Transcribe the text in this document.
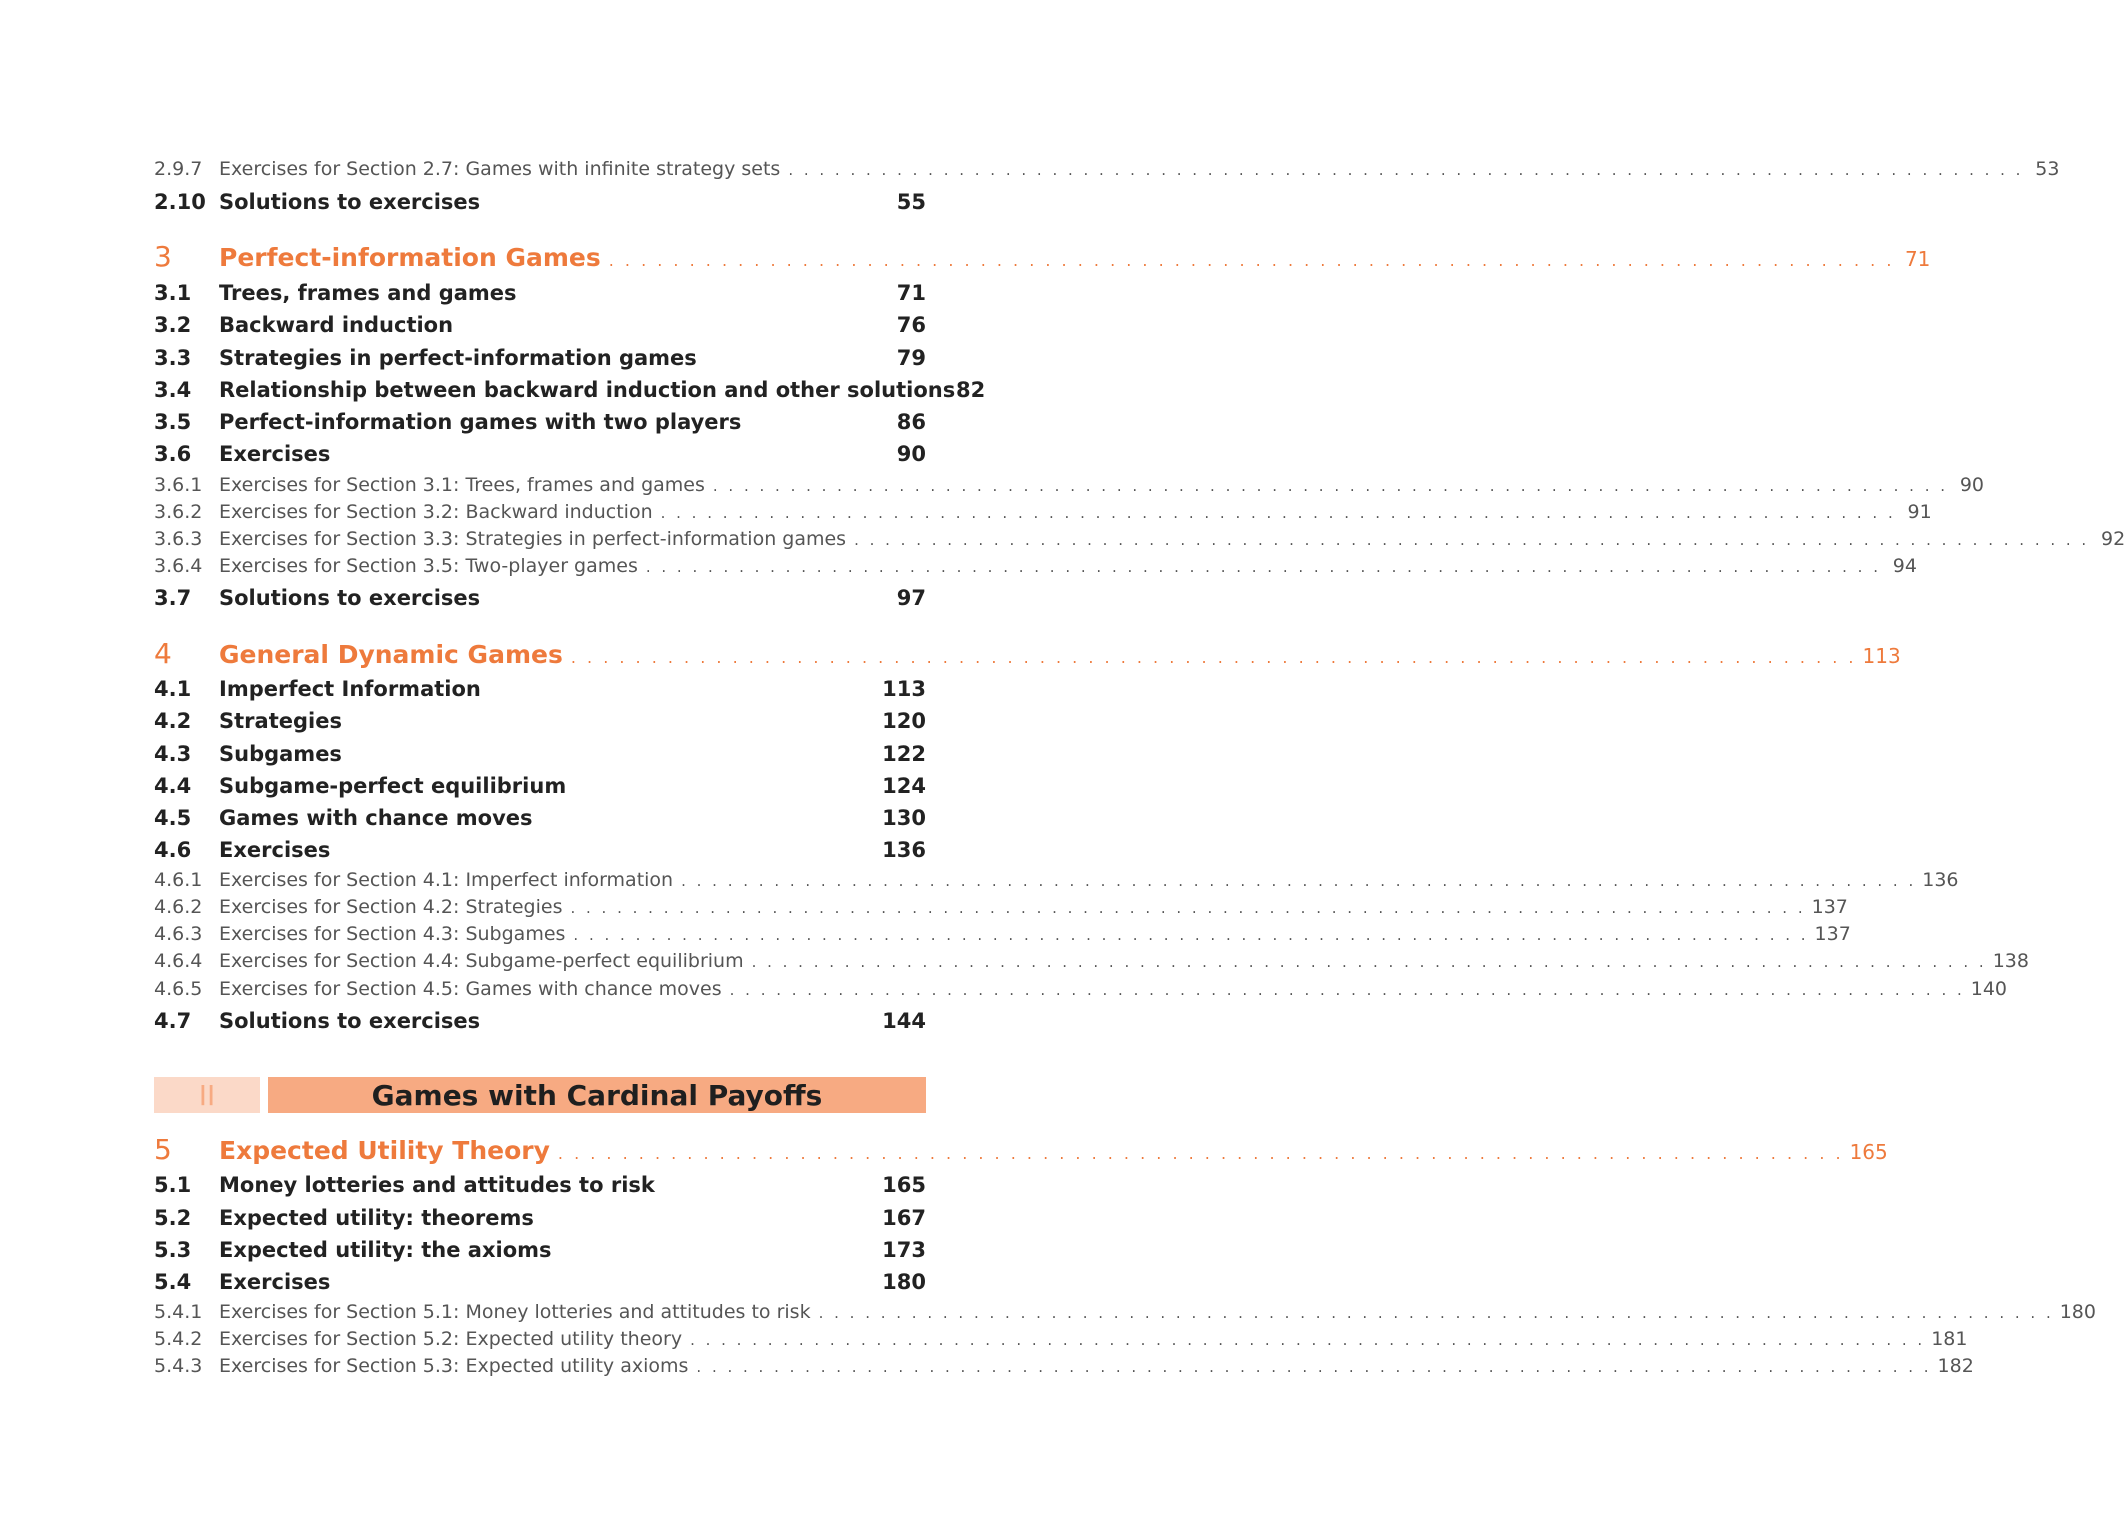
2.9.7 Exercises for Section 2.7: Games with infinite strategy sets . . . . . . . . . . . . . . . . . . . . . . . . . . . . . . . . . . . . . . . . . . . . . . . . . . . . . . . . . . . . . . . . . . . . . . . . . . . . . . . . 53
2.10 Solutions to exercises	55
3	Perfect-information Games . . . . . . . . . . . . . . . . . . . . . . . . . . . . . . . . . . . . . . . . . . . . . . . . . . . . . . . . . . . . . . . . . . . . . . . . . . . . . . . . 71
3.1	Trees, frames and games	71
3.2	Backward induction	76
3.3	Strategies in perfect-information games	79
3.4	Relationship between backward induction and other solutions 82
3.5	Perfect-information games with two players	86
3.6	Exercises	90
3.6.1 Exercises for Section 3.1: Trees, frames and games . . . . . . . . . . . . . . . . . . . . . . . . . . . . . . . . . . . . . . . . . . . . . . . . . . . . . . . . . . . . . . . . . . . . . . . . . . . . . . . . 90
3.6.2 Exercises for Section 3.2: Backward induction . . . . . . . . . . . . . . . . . . . . . . . . . . . . . . . . . . . . . . . . . . . . . . . . . . . . . . . . . . . . . . . . . . . . . . . . . . . . . . . . 91
3.6.3 Exercises for Section 3.3: Strategies in perfect-information games . . . . . . . . . . . . . . . . . . . . . . . . . . . . . . . . . . . . . . . . . . . . . . . . . . . . . . . . . . . . . . . . . . . . . . . . . . . . . . . . 92
3.6.4 Exercises for Section 3.5: Two-player games . . . . . . . . . . . . . . . . . . . . . . . . . . . . . . . . . . . . . . . . . . . . . . . . . . . . . . . . . . . . . . . . . . . . . . . . . . . . . . . . 94
3.7	Solutions to exercises	97
4	General Dynamic Games . . . . . . . . . . . . . . . . . . . . . . . . . . . . . . . . . . . . . . . . . . . . . . . . . . . . . . . . . . . . . . . . . . . . . . . . . . . . . . . . 113
4.1	Imperfect Information	113
4.2	Strategies	120
4.3	Subgames	122
4.4	Subgame-perfect equilibrium	124
4.5	Games with chance moves	130
4.6	Exercises	136
4.6.1 Exercises for Section 4.1: Imperfect information . . . . . . . . . . . . . . . . . . . . . . . . . . . . . . . . . . . . . . . . . . . . . . . . . . . . . . . . . . . . . . . . . . . . . . . . . . . . . . . . 136
4.6.2 Exercises for Section 4.2: Strategies . . . . . . . . . . . . . . . . . . . . . . . . . . . . . . . . . . . . . . . . . . . . . . . . . . . . . . . . . . . . . . . . . . . . . . . . . . . . . . . . 137
4.6.3 Exercises for Section 4.3: Subgames . . . . . . . . . . . . . . . . . . . . . . . . . . . . . . . . . . . . . . . . . . . . . . . . . . . . . . . . . . . . . . . . . . . . . . . . . . . . . . . . 137
4.6.4 Exercises for Section 4.4: Subgame-perfect equilibrium . . . . . . . . . . . . . . . . . . . . . . . . . . . . . . . . . . . . . . . . . . . . . . . . . . . . . . . . . . . . . . . . . . . . . . . . . . . . . . . . 138
4.6.5 Exercises for Section 4.5: Games with chance moves . . . . . . . . . . . . . . . . . . . . . . . . . . . . . . . . . . . . . . . . . . . . . . . . . . . . . . . . . . . . . . . . . . . . . . . . . . . . . . . . 140
4.7	Solutions to exercises	144
II	Games with Cardinal Payoffs
5	Expected Utility Theory . . . . . . . . . . . . . . . . . . . . . . . . . . . . . . . . . . . . . . . . . . . . . . . . . . . . . . . . . . . . . . . . . . . . . . . . . . . . . . . . 165
5.1	Money lotteries and attitudes to risk	165
5.2	Expected utility: theorems	167
5.3	Expected utility: the axioms	173
5.4	Exercises	180
5.4.1 Exercises for Section 5.1: Money lotteries and attitudes to risk . . . . . . . . . . . . . . . . . . . . . . . . . . . . . . . . . . . . . . . . . . . . . . . . . . . . . . . . . . . . . . . . . . . . . . . . . . . . . . . . 180
5.4.2 Exercises for Section 5.2: Expected utility theory . . . . . . . . . . . . . . . . . . . . . . . . . . . . . . . . . . . . . . . . . . . . . . . . . . . . . . . . . . . . . . . . . . . . . . . . . . . . . . . . 181
5.4.3 Exercises for Section 5.3: Expected utility axioms . . . . . . . . . . . . . . . . . . . . . . . . . . . . . . . . . . . . . . . . . . . . . . . . . . . . . . . . . . . . . . . . . . . . . . . . . . . . . . . . 182
